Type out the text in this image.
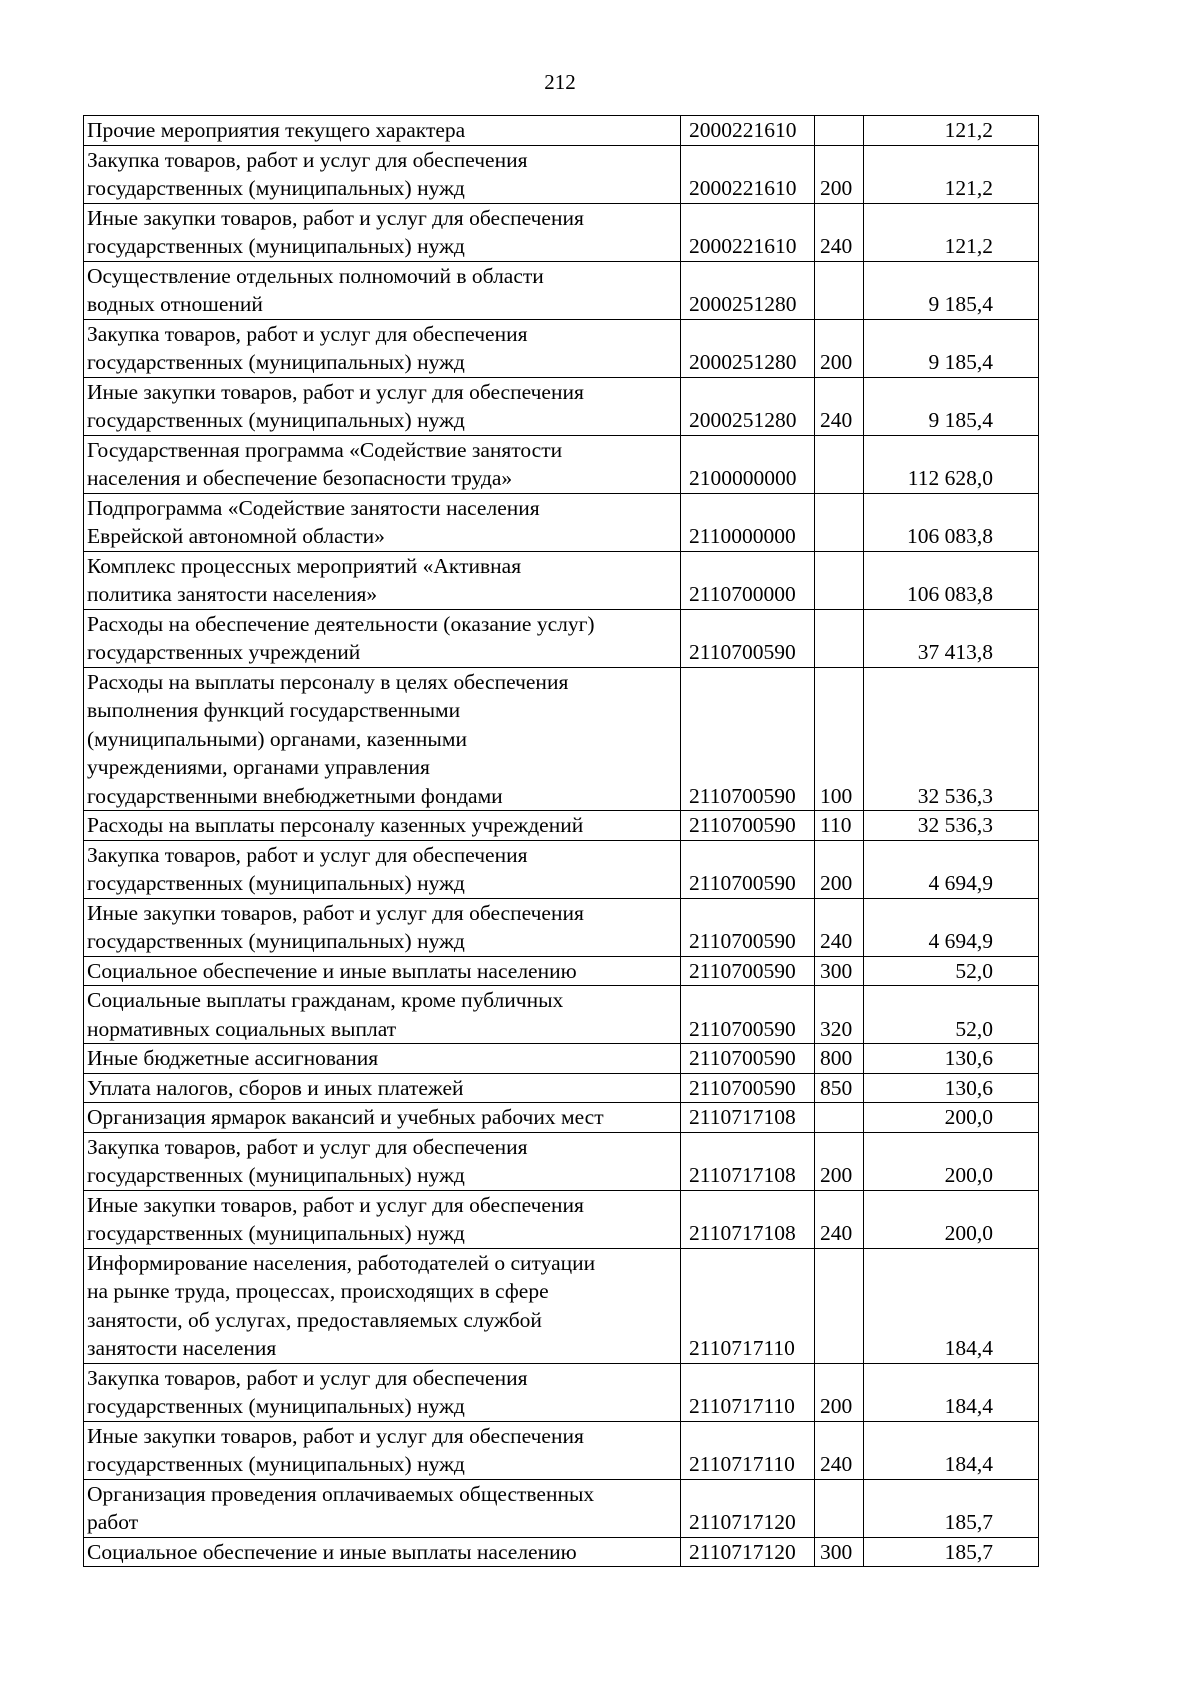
212
Прочие мероприятия текущего характера	2000221610		121,2
Закупка товаров, работ и услуг для обеспечения
государственных (муниципальных) нужд	2000221610	200	121,2
Иные закупки товаров, работ и услуг для обеспечения
государственных (муниципальных) нужд	2000221610	240	121,2
Осуществление отдельных полномочий в области
водных отношений	2000251280		9 185,4
Закупка товаров, работ и услуг для обеспечения
государственных (муниципальных) нужд	2000251280	200	9 185,4
Иные закупки товаров, работ и услуг для обеспечения
государственных (муниципальных) нужд	2000251280	240	9 185,4
Государственная программа «Содействие занятости
населения и обеспечение безопасности труда»	2100000000		112 628,0
Подпрограмма «Содействие занятости населения
Еврейской автономной области»	2110000000		106 083,8
Комплекс процессных мероприятий «Активная
политика занятости населения»	2110700000		106 083,8
Расходы на обеспечение деятельности (оказание услуг)
государственных учреждений	2110700590		37 413,8
Расходы на выплаты персоналу в целях обеспечения
выполнения функций государственными
(муниципальными) органами, казенными
учреждениями, органами управления
государственными внебюджетными фондами	2110700590	100	32 536,3
Расходы на выплаты персоналу казенных учреждений	2110700590	110	32 536,3
Закупка товаров, работ и услуг для обеспечения
государственных (муниципальных) нужд	2110700590	200	4 694,9
Иные закупки товаров, работ и услуг для обеспечения
государственных (муниципальных) нужд	2110700590	240	4 694,9
Социальное обеспечение и иные выплаты населению	2110700590	300	52,0
Социальные выплаты гражданам, кроме публичных
нормативных социальных выплат	2110700590	320	52,0
Иные бюджетные ассигнования	2110700590	800	130,6
Уплата налогов, сборов и иных платежей	2110700590	850	130,6
Организация ярмарок вакансий и учебных рабочих мест	2110717108		200,0
Закупка товаров, работ и услуг для обеспечения
государственных (муниципальных) нужд	2110717108	200	200,0
Иные закупки товаров, работ и услуг для обеспечения
государственных (муниципальных) нужд	2110717108	240	200,0
Информирование населения, работодателей о ситуации
на рынке труда, процессах, происходящих в сфере
занятости, об услугах, предоставляемых службой
занятости населения	2110717110		184,4
Закупка товаров, работ и услуг для обеспечения
государственных (муниципальных) нужд	2110717110	200	184,4
Иные закупки товаров, работ и услуг для обеспечения
государственных (муниципальных) нужд	2110717110	240	184,4
Организация проведения оплачиваемых общественных
работ	2110717120		185,7
Социальное обеспечение и иные выплаты населению	2110717120	300	185,7
